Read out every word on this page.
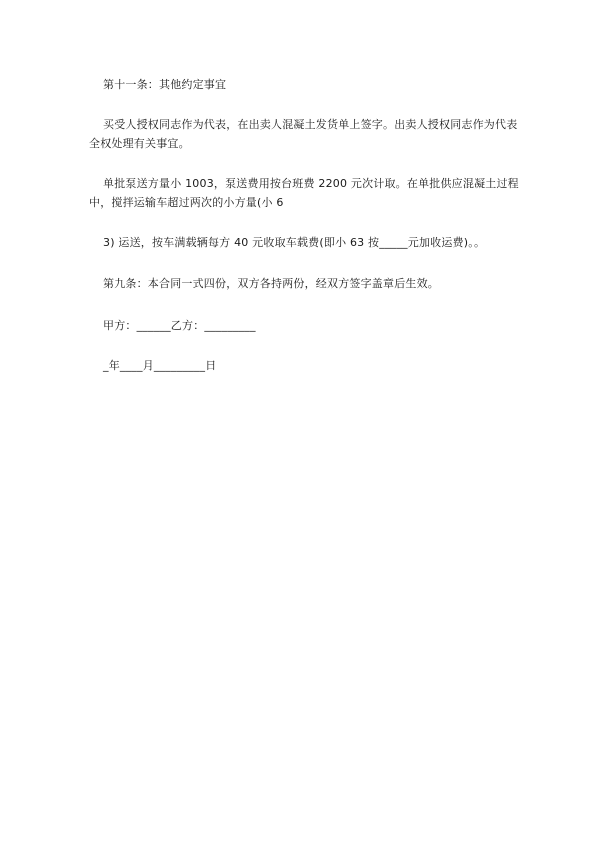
第十一条：其他约定事宜

买受人授权同志作为代表，在出卖人混凝土发货单上签字。出卖人授权同志作为代表全权处理有关事宜。

单批泵送方量小 1003，泵送费用按台班费 2200 元次计取。在单批供应混凝土过程中，搅拌运输车超过两次的小方量(小 6

3) 运送，按车满载辆每方 40 元收取车载费(即小 63 按_____元加收运费)。。

第九条：本合同一式四份，双方各持两份，经双方签字盖章后生效。

甲方：______乙方：_________

_年____月_________日
